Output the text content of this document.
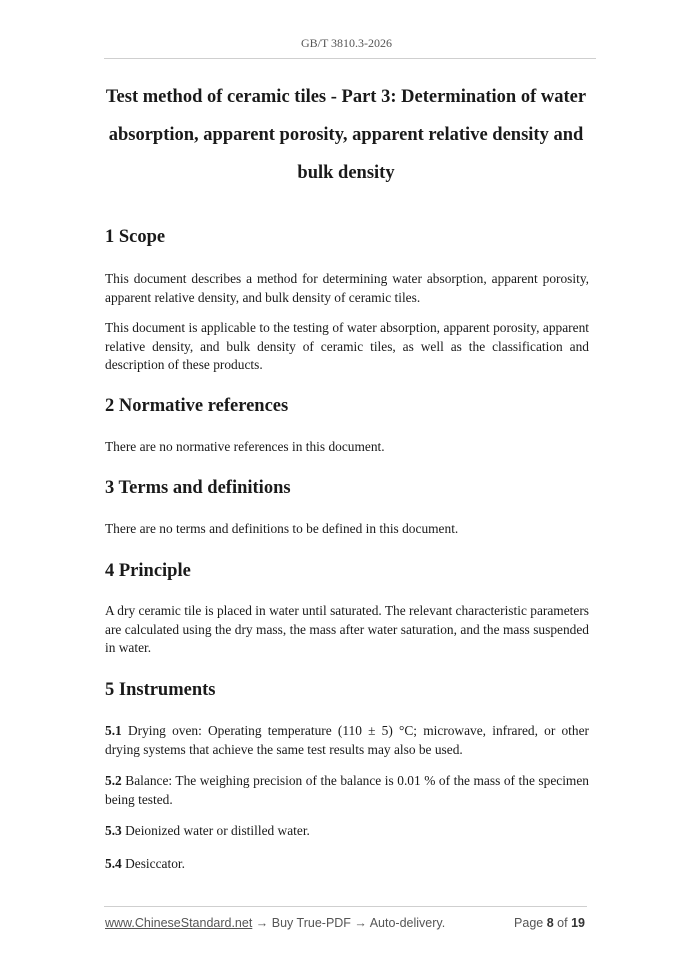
GB/T 3810.3-2026
Test method of ceramic tiles - Part 3: Determination of water
absorption, apparent porosity, apparent relative density and
bulk density
1 Scope
This document describes a method for determining water absorption, apparent porosity, apparent relative density, and bulk density of ceramic tiles.
This document is applicable to the testing of water absorption, apparent porosity, apparent relative density, and bulk density of ceramic tiles, as well as the classification and description of these products.
2 Normative references
There are no normative references in this document.
3 Terms and definitions
There are no terms and definitions to be defined in this document.
4 Principle
A dry ceramic tile is placed in water until saturated. The relevant characteristic parameters are calculated using the dry mass, the mass after water saturation, and the mass suspended in water.
5 Instruments
5.1 Drying oven: Operating temperature (110 ± 5) °C; microwave, infrared, or other drying systems that achieve the same test results may also be used.
5.2 Balance: The weighing precision of the balance is 0.01 % of the mass of the specimen being tested.
5.3 Deionized water or distilled water.
5.4 Desiccator.
www.ChineseStandard.net → Buy True-PDF → Auto-delivery.	Page 8 of 19
